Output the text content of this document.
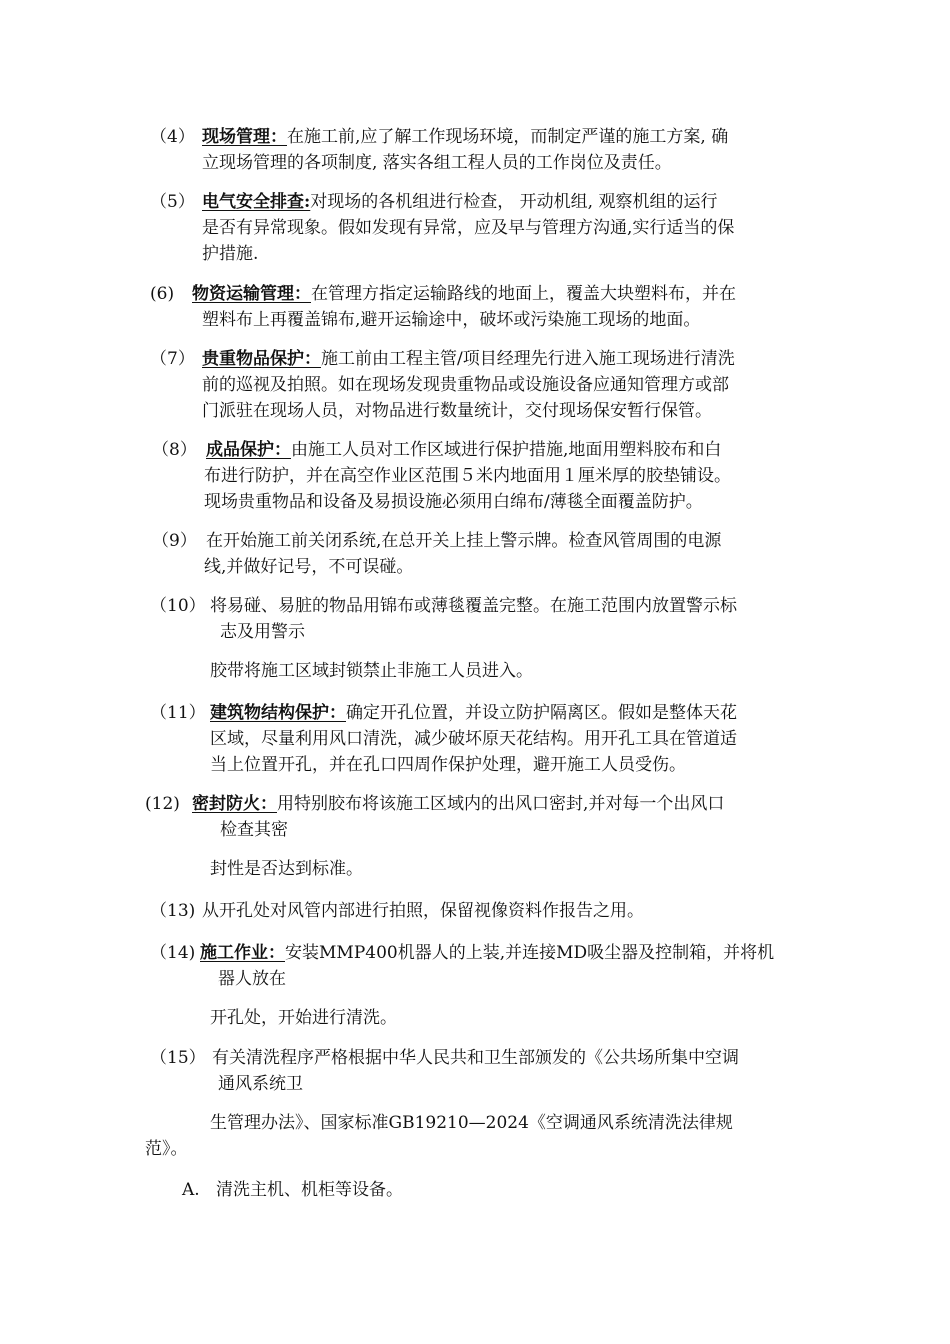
（4） 现场管理：在施工前,应了解工作现场环境，而制定严谨的施工方案, 确
立现场管理的各项制度, 落实各组工程人员的工作岗位及责任。
（5） 电气安全排查:对现场的各机组进行检查， 开动机组, 观察机组的运行
是否有异常现象。假如发现有异常，应及早与管理方沟通,实行适当的保
护措施.
(6) 物资运输管理：在管理方指定运输路线的地面上，覆盖大块塑料布，并在
塑料布上再覆盖锦布,避开运输途中，破坏或污染施工现场的地面。
（7） 贵重物品保护：施工前由工程主管/项目经理先行进入施工现场进行清洗
前的巡视及拍照。如在现场发现贵重物品或设施设备应通知管理方或部
门派驻在现场人员，对物品进行数量统计，交付现场保安暂行保管。
（8） 成品保护：由施工人员对工作区域进行保护措施,地面用塑料胶布和白
布进行防护，并在高空作业区范围５米内地面用１厘米厚的胶垫铺设。
现场贵重物品和设备及易损设施必须用白绵布/薄毯全面覆盖防护。
（9） 在开始施工前关闭系统,在总开关上挂上警示牌。检查风管周围的电源
线,并做好记号，不可误碰。
（10） 将易碰、易脏的物品用锦布或薄毯覆盖完整。在施工范围内放置警示标
志及用警示
胶带将施工区域封锁禁止非施工人员进入。
（11） 建筑物结构保护：确定开孔位置，并设立防护隔离区。假如是整体天花
区域，尽量利用风口清洗，减少破坏原天花结构。用开孔工具在管道适
当上位置开孔，并在孔口四周作保护处理，避开施工人员受伤。
(12) 密封防火：用特别胶布将该施工区域内的出风口密封,并对每一个出风口
检查其密
封性是否达到标准。
（13) 从开孔处对风管内部进行拍照，保留视像资料作报告之用。
（14) 施工作业：安装MMP400机器人的上装,并连接MD吸尘器及控制箱，并将机
器人放在
开孔处，开始进行清洗。
（15） 有关清洗程序严格根据中华人民共和卫生部颁发的《公共场所集中空调
通风系统卫
生管理办法》、国家标准GB19210—2024《空调通风系统清洗法律规
范》。
A. 清洗主机、机柜等设备。
